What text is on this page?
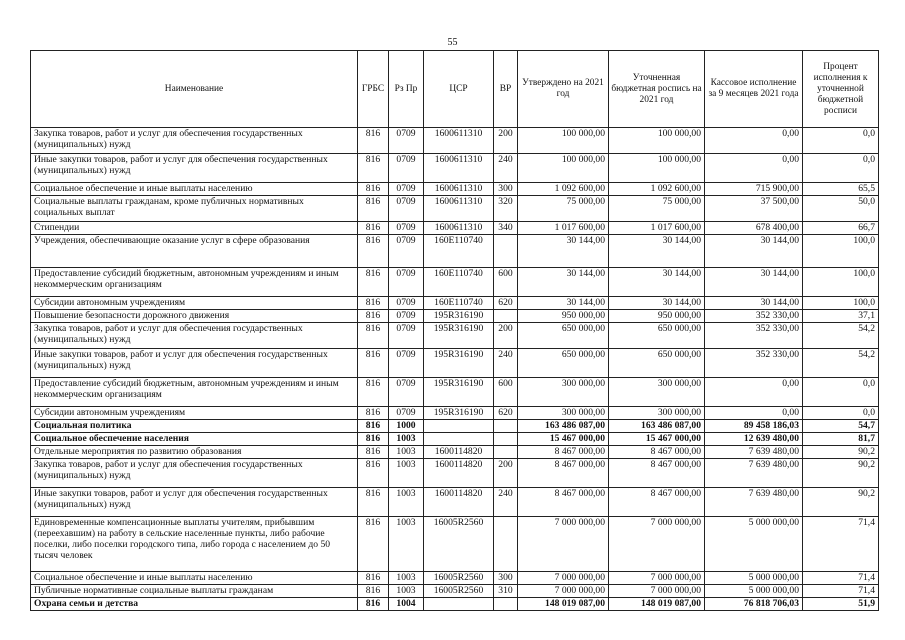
55
Наименование	ГРБС	Рз Пр	ЦСР	ВР	Утверждено на 2021 год	Уточненная бюджетная роспись на 2021 год	Кассовое исполнение за 9 месяцев 2021 года	Процент исполнения к уточненной бюджетной росписи
Закупка товаров, работ и услуг для обеспечения государственных (муниципальных) нужд	816	0709	1600611310	200	100 000,00	100 000,00	0,00	0,0
Иные закупки товаров, работ и услуг для обеспечения государственных (муниципальных) нужд	816	0709	1600611310	240	100 000,00	100 000,00	0,00	0,0
Социальное обеспечение и иные выплаты населению	816	0709	1600611310	300	1 092 600,00	1 092 600,00	715 900,00	65,5
Социальные выплаты гражданам, кроме публичных нормативных социальных выплат	816	0709	1600611310	320	75 000,00	75 000,00	37 500,00	50,0
Стипендии	816	0709	1600611310	340	1 017 600,00	1 017 600,00	678 400,00	66,7
Учреждения, обеспечивающие оказание услуг в сфере образования	816	0709	160E110740		30 144,00	30 144,00	30 144,00	100,0
Предоставление субсидий бюджетным, автономным учреждениям и иным некоммерческим организациям	816	0709	160E110740	600	30 144,00	30 144,00	30 144,00	100,0
Субсидии автономным учреждениям	816	0709	160E110740	620	30 144,00	30 144,00	30 144,00	100,0
Повышение безопасности дорожного движения	816	0709	195R316190		950 000,00	950 000,00	352 330,00	37,1
Закупка товаров, работ и услуг для обеспечения государственных (муниципальных) нужд	816	0709	195R316190	200	650 000,00	650 000,00	352 330,00	54,2
Иные закупки товаров, работ и услуг для обеспечения государственных (муниципальных) нужд	816	0709	195R316190	240	650 000,00	650 000,00	352 330,00	54,2
Предоставление субсидий бюджетным, автономным учреждениям и иным некоммерческим организациям	816	0709	195R316190	600	300 000,00	300 000,00	0,00	0,0
Субсидии автономным учреждениям	816	0709	195R316190	620	300 000,00	300 000,00	0,00	0,0
Социальная политика	816	1000			163 486 087,00	163 486 087,00	89 458 186,03	54,7
Социальное обеспечение населения	816	1003			15 467 000,00	15 467 000,00	12 639 480,00	81,7
Отдельные мероприятия по развитию образования	816	1003	1600114820		8 467 000,00	8 467 000,00	7 639 480,00	90,2
Закупка товаров, работ и услуг для обеспечения государственных (муниципальных) нужд	816	1003	1600114820	200	8 467 000,00	8 467 000,00	7 639 480,00	90,2
Иные закупки товаров, работ и услуг для обеспечения государственных (муниципальных) нужд	816	1003	1600114820	240	8 467 000,00	8 467 000,00	7 639 480,00	90,2
Единовременные компенсационные выплаты учителям, прибывшим (переехавшим) на работу в сельские населенные пункты, либо рабочие поселки, либо поселки городского типа, либо города с населением до 50 тысяч человек	816	1003	16005R2560		7 000 000,00	7 000 000,00	5 000 000,00	71,4
Социальное обеспечение и иные выплаты населению	816	1003	16005R2560	300	7 000 000,00	7 000 000,00	5 000 000,00	71,4
Публичные нормативные социальные выплаты гражданам	816	1003	16005R2560	310	7 000 000,00	7 000 000,00	5 000 000,00	71,4
Охрана семьи и детства	816	1004			148 019 087,00	148 019 087,00	76 818 706,03	51,9
